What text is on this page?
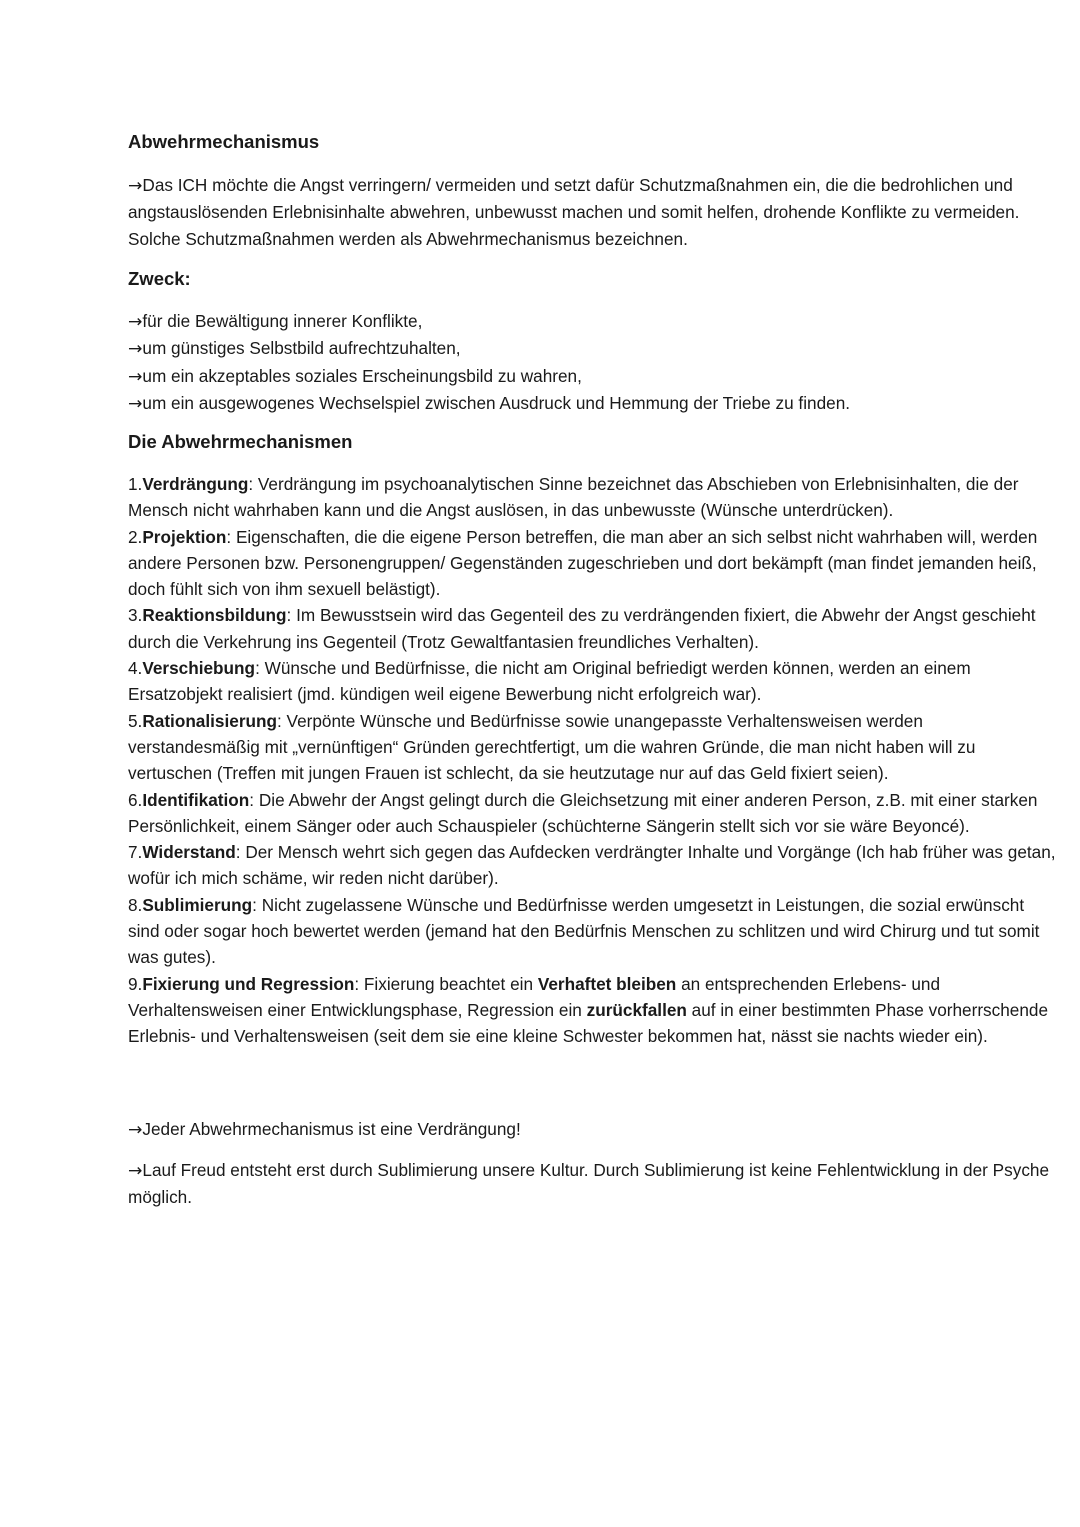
Abwehrmechanismus

→Das ICH möchte die Angst verringern/ vermeiden und setzt dafür Schutzmaßnahmen ein, die die bedrohlichen und angstauslösenden Erlebnisinhalte abwehren, unbewusst machen und somit helfen, drohende Konflikte zu vermeiden. Solche Schutzmaßnahmen werden als Abwehrmechanismus bezeichnen.

Zweck:
→für die Bewältigung innerer Konflikte,
→um günstiges Selbstbild aufrechtzuhalten,
→um ein akzeptables soziales Erscheinungsbild zu wahren,
→um ein ausgewogenes Wechselspiel zwischen Ausdruck und Hemmung der Triebe zu finden.
Die Abwehrmechanismen
1.Verdrängung: Verdrängung im psychoanalytischen Sinne bezeichnet das Abschieben von Erlebnisinhalten, die der Mensch nicht wahrhaben kann und die Angst auslösen, in das unbewusste (Wünsche unterdrücken).
2.Projektion: Eigenschaften, die die eigene Person betreffen, die man aber an sich selbst nicht wahrhaben will, werden andere Personen bzw. Personengruppen/ Gegenständen zugeschrieben und dort bekämpft (man findet jemanden heiß, doch fühlt sich von ihm sexuell belästigt).
3.Reaktionsbildung: Im Bewusstsein wird das Gegenteil des zu verdrängenden fixiert, die Abwehr der Angst geschieht durch die Verkehrung ins Gegenteil (Trotz Gewaltfantasien freundliches Verhalten).
4.Verschiebung: Wünsche und Bedürfnisse, die nicht am Original befriedigt werden können, werden an einem Ersatzobjekt realisiert (jmd. kündigen weil eigene Bewerbung nicht erfolgreich war).
5.Rationalisierung: Verpönte Wünsche und Bedürfnisse sowie unangepasste Verhaltensweisen werden verstandesmäßig mit „vernünftigen“ Gründen gerechtfertigt, um die wahren Gründe, die man nicht haben will zu vertuschen (Treffen mit jungen Frauen ist schlecht, da sie heutzutage nur auf das Geld fixiert seien).
6.Identifikation: Die Abwehr der Angst gelingt durch die Gleichsetzung mit einer anderen Person, z.B. mit einer starken Persönlichkeit, einem Sänger oder auch Schauspieler (schüchterne Sängerin stellt sich vor sie wäre Beyoncé).
7.Widerstand: Der Mensch wehrt sich gegen das Aufdecken verdrängter Inhalte und Vorgänge (Ich hab früher was getan, wofür ich mich schäme, wir reden nicht darüber).
8.Sublimierung: Nicht zugelassene Wünsche und Bedürfnisse werden umgesetzt in Leistungen, die sozial erwünscht sind oder sogar hoch bewertet werden (jemand hat den Bedürfnis Menschen zu schlitzen und wird Chirurg und tut somit was gutes).
9.Fixierung und Regression: Fixierung beachtet ein Verhaftet bleiben an entsprechenden Erlebens- und Verhaltensweisen einer Entwicklungsphase, Regression ein zurückfallen auf in einer bestimmten Phase vorherrschende Erlebnis- und Verhaltensweisen (seit dem sie eine kleine Schwester bekommen hat, nässt sie nachts wieder ein).

→Jeder Abwehrmechanismus ist eine Verdrängung!

→Lauf Freud entsteht erst durch Sublimierung unsere Kultur. Durch Sublimierung ist keine Fehlentwicklung in der Psyche möglich.
